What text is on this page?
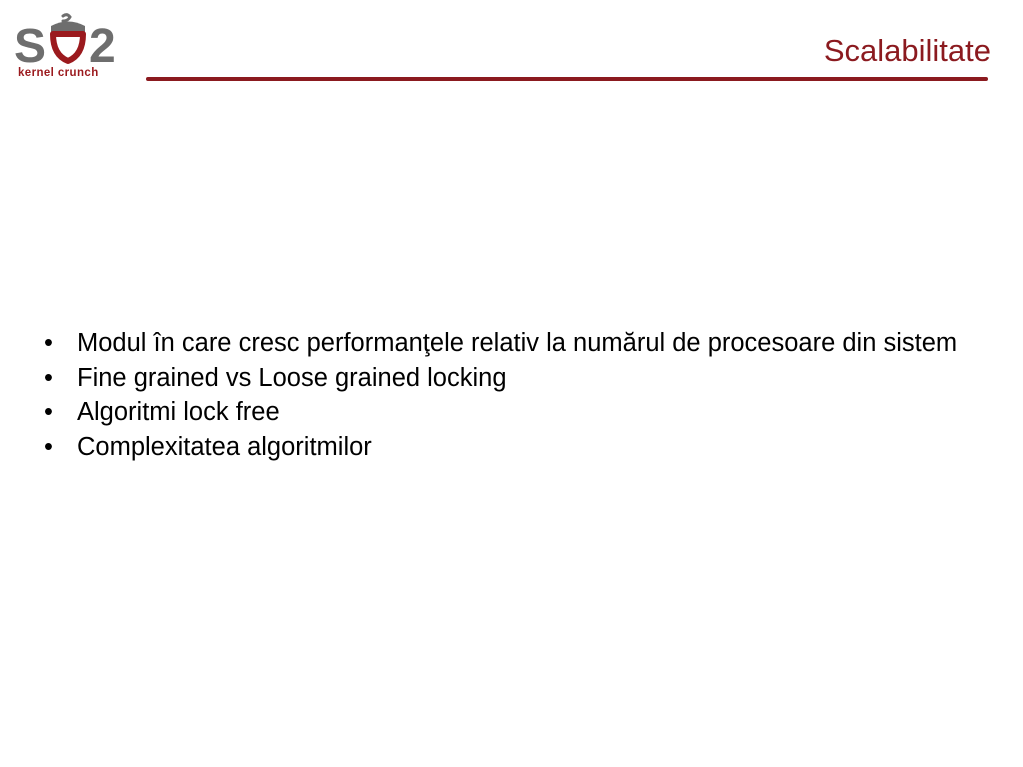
S 2
kernel crunch
Scalabilitate
• Modul în care cresc performanţele relativ la numărul de procesoare din sistem
• Fine grained vs Loose grained locking
• Algoritmi lock free
• Complexitatea algoritmilor
